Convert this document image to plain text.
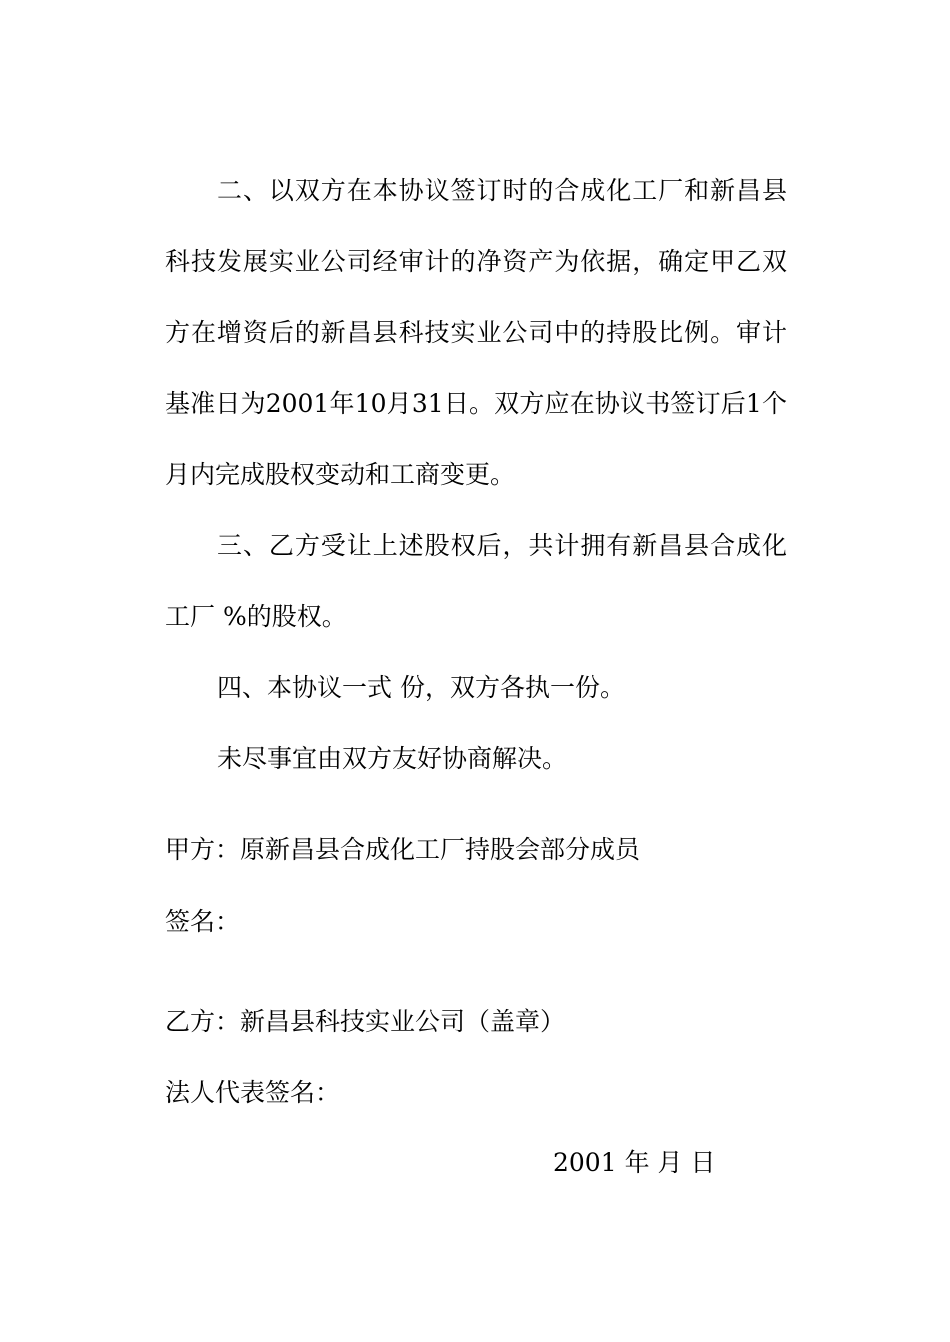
二、以双方在本协议签订时的合成化工厂和新昌县科技发展实业公司经审计的净资产为依据，确定甲乙双方在增资后的新昌县科技实业公司中的持股比例。审计基准日为2001年10月31日。双方应在协议书签订后1个月内完成股权变动和工商变更。

三、乙方受让上述股权后，共计拥有新昌县合成化工厂 %的股权。

四、本协议一式 份，双方各执一份。

未尽事宜由双方友好协商解决。

甲方：原新昌县合成化工厂持股会部分成员

签名：

乙方：新昌县科技实业公司（盖章）

法人代表签名：

2001 年 月 日
